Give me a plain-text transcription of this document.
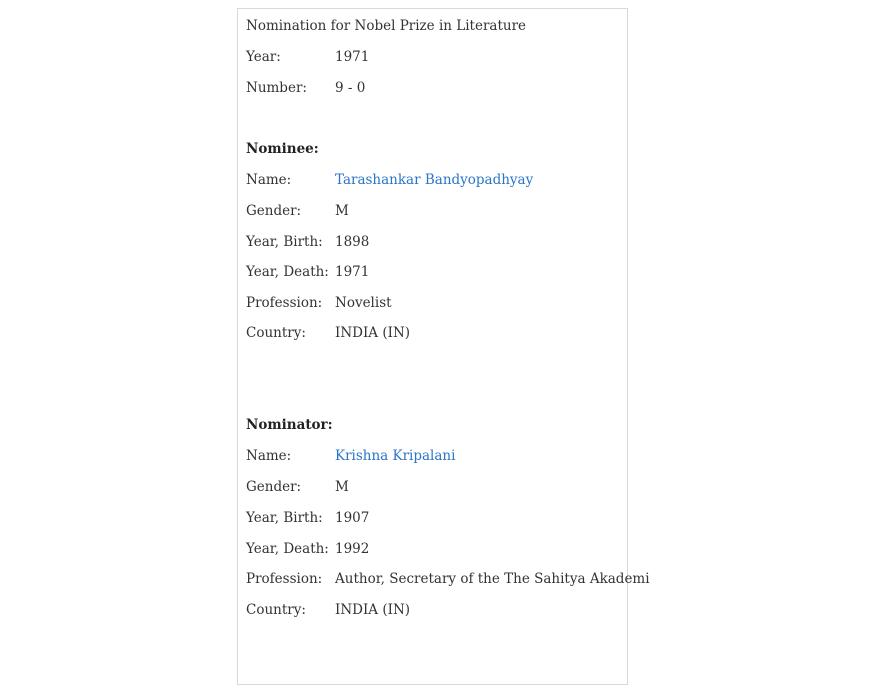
Nomination for Nobel Prize in Literature
Year:	1971
Number: 9 - 0
Nominee:
Name:	Tarashankar Bandyopadhyay
Gender:	M
Year, Birth: 1898
Year, Death: 1971
Profession: Novelist
Country: INDIA (IN)
Nominator:
Name:	Krishna Kripalani
Gender:	M
Year, Birth: 1907
Year, Death: 1992
Profession: Author, Secretary of the The Sahitya Akademi
Country: INDIA (IN)
